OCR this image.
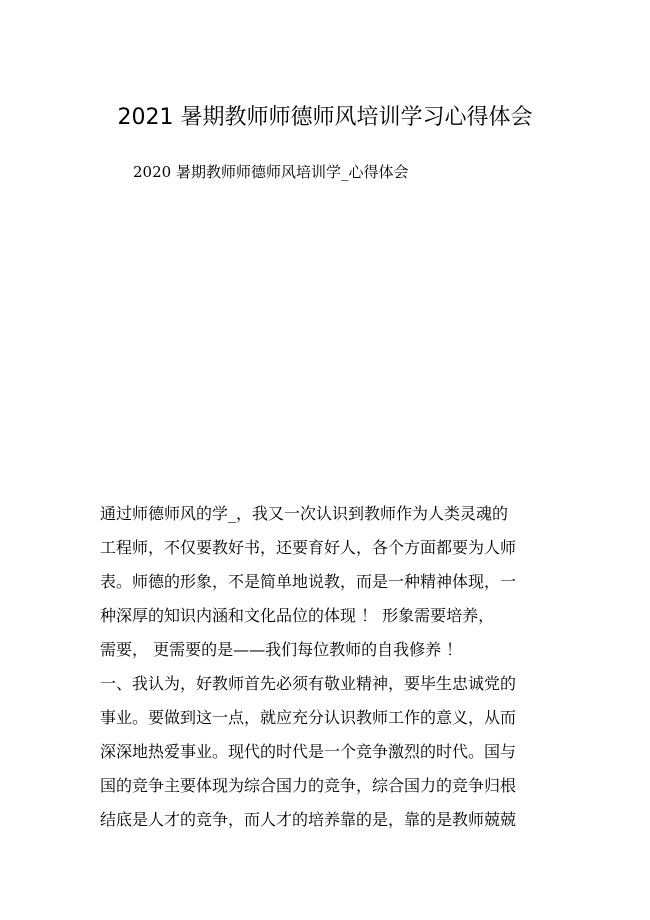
2021 暑期教师师德师风培训学习心得体会
2020 暑期教师师德师风培训学_心得体会
通过师德师风的学_，我又一次认识到教师作为人类灵魂的
工程师，不仅要教好书，还要育好人，各个方面都要为人师
表。师德的形象，不是简单地说教，而是一种精神体现，一
种深厚的知识内涵和文化品位的体现 ！ 形象需要培养，
需要， 更需要的是——我们每位教师的自我修养 ！
一、我认为，好教师首先必须有敬业精神，要毕生忠诚党的
事业。要做到这一点，就应充分认识教师工作的意义，从而
深深地热爱事业。现代的时代是一个竞争激烈的时代。国与
国的竞争主要体现为综合国力的竞争，综合国力的竞争归根
结底是人才的竞争，而人才的培养靠的是，靠的是教师兢兢
